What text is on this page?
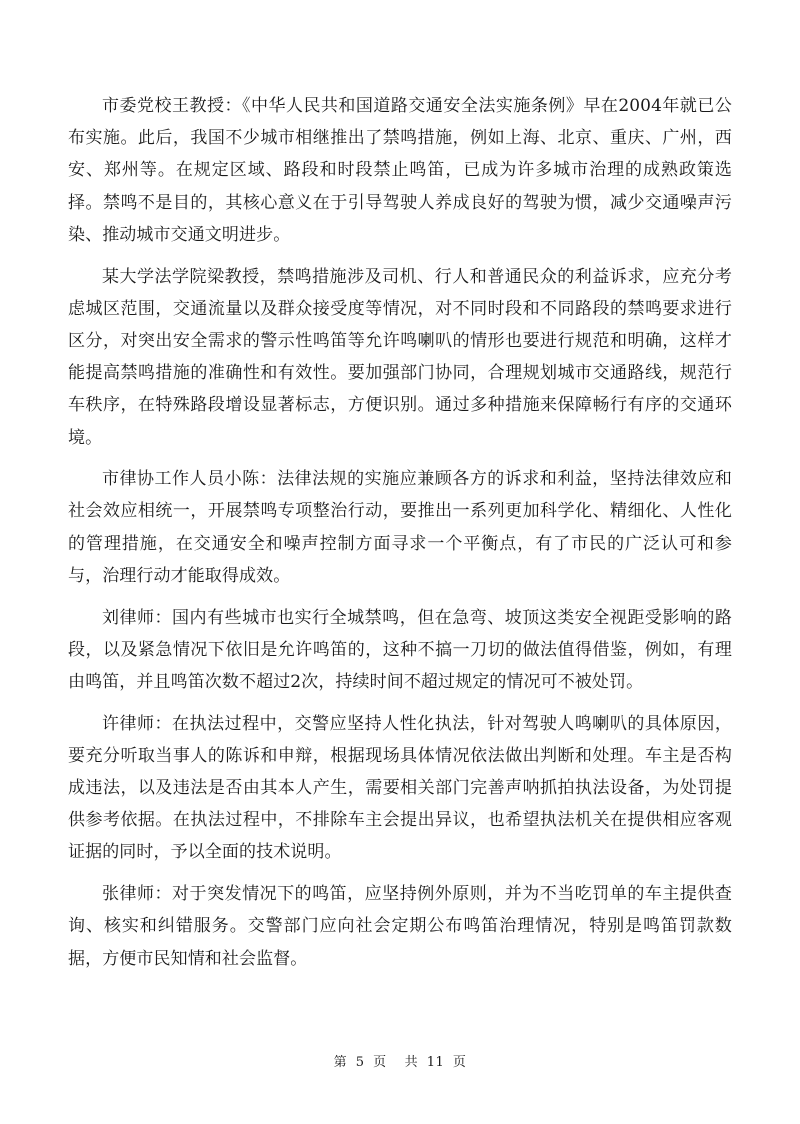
市委党校王教授：《中华人民共和国道路交通安全法实施条例》早在2004年就已公布实施。此后，我国不少城市相继推出了禁鸣措施，例如上海、北京、重庆、广州，西安、郑州等。在规定区域、路段和时段禁止鸣笛，已成为许多城市治理的成熟政策选择。禁鸣不是目的，其核心意义在于引导驾驶人养成良好的驾驶为惯，减少交通噪声污染、推动城市交通文明进步。

某大学法学院梁教授，禁鸣措施涉及司机、行人和普通民众的利益诉求，应充分考虑城区范围，交通流量以及群众接受度等情况，对不同时段和不同路段的禁鸣要求进行区分，对突出安全需求的警示性鸣笛等允许鸣喇叭的情形也要进行规范和明确，这样才能提高禁鸣措施的准确性和有效性。要加强部门协同，合理规划城市交通路线，规范行车秩序，在特殊路段增设显著标志，方便识别。通过多种措施来保障畅行有序的交通环境。

市律协工作人员小陈：法律法规的实施应兼顾各方的诉求和利益，坚持法律效应和社会效应相统一，开展禁鸣专项整治行动，要推出一系列更加科学化、精细化、人性化的管理措施，在交通安全和噪声控制方面寻求一个平衡点，有了市民的广泛认可和参与，治理行动才能取得成效。

刘律师：国内有些城市也实行全城禁鸣，但在急弯、坡顶这类安全视距受影响的路段，以及紧急情况下依旧是允许鸣笛的，这种不搞一刀切的做法值得借鉴，例如，有理由鸣笛，并且鸣笛次数不超过2次，持续时间不超过规定的情况可不被处罚。

许律师：在执法过程中，交警应坚持人性化执法，针对驾驶人鸣喇叭的具体原因，要充分听取当事人的陈诉和申辩，根据现场具体情况依法做出判断和处理。车主是否构成违法，以及违法是否由其本人产生，需要相关部门完善声呐抓拍执法设备，为处罚提供参考依据。在执法过程中，不排除车主会提出异议，也希望执法机关在提供相应客观证据的同时，予以全面的技术说明。

张律师：对于突发情况下的鸣笛，应坚持例外原则，并为不当吃罚单的车主提供查询、核实和纠错服务。交警部门应向社会定期公布鸣笛治理情况，特别是鸣笛罚款数据，方便市民知情和社会监督。

第 5 页 共 11 页
